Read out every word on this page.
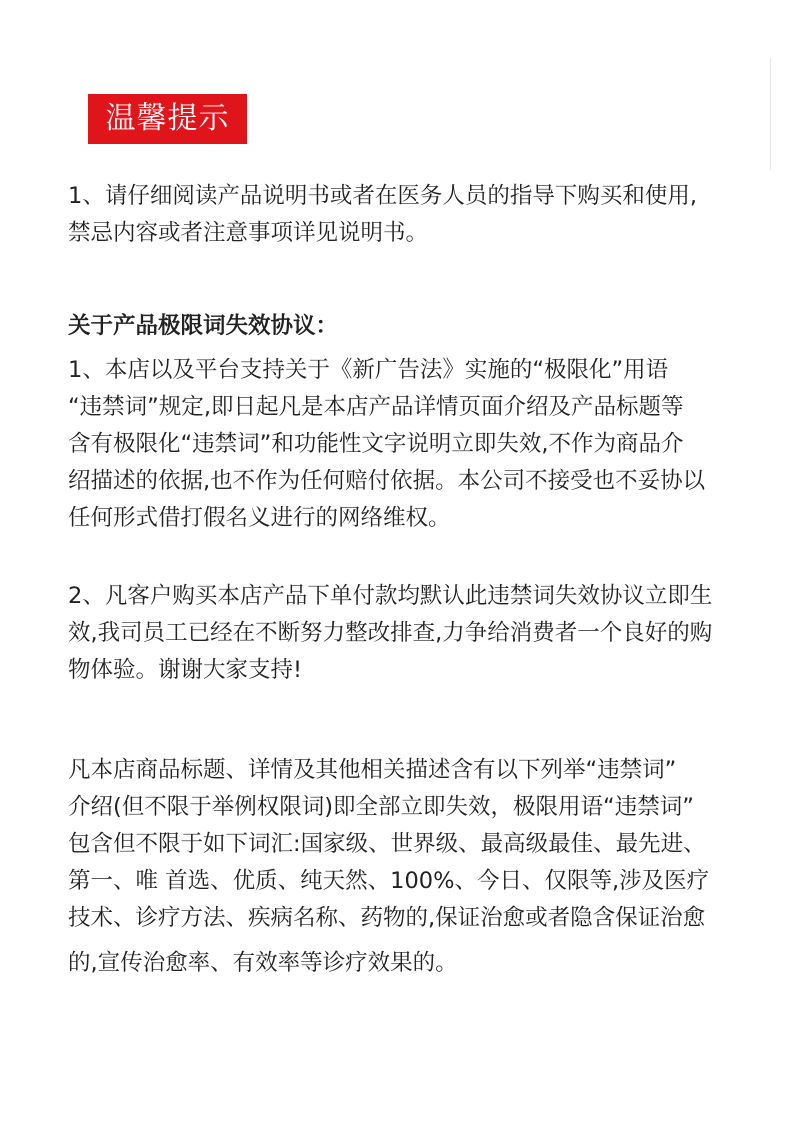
温馨提示
1、请仔细阅读产品说明书或者在医务人员的指导下购买和使用,
禁忌内容或者注意事项详见说明书。
关于产品极限词失效协议：
1、本店以及平台支持关于《新广告法》实施的“极限化”用语
“违禁词”规定,即日起凡是本店产品详情页面介绍及产品标题等
含有极限化“违禁词”和功能性文字说明立即失效,不作为商品介
绍描述的依据,也不作为任何赔付依据。本公司不接受也不妥协以
任何形式借打假名义进行的网络维权。
2、凡客户购买本店产品下单付款均默认此违禁词失效协议立即生
效,我司员工已经在不断努力整改排查,力争给消费者一个良好的购
物体验。谢谢大家支持!
凡本店商品标题、详情及其他相关描述含有以下列举“违禁词”
介绍(但不限于举例权限词)即全部立即失效，极限用语“违禁词”
包含但不限于如下词汇:国家级、世界级、最高级最佳、最先进、
第一、唯 首选、优质、纯天然、100%、今日、仅限等,涉及医疗
技术、诊疗方法、疾病名称、药物的,保证治愈或者隐含保证治愈
的,宣传治愈率、有效率等诊疗效果的。
